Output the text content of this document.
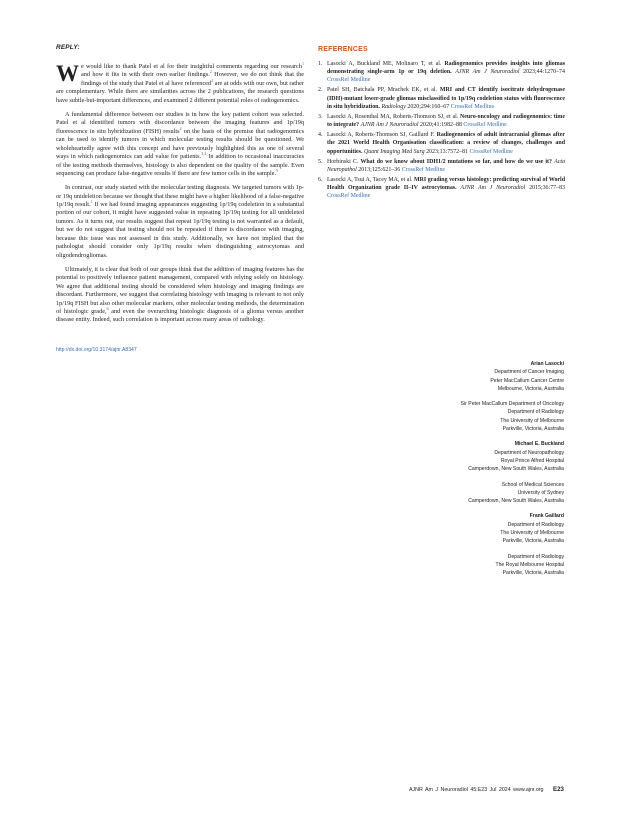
REPLY:

We would like to thank Patel et al for their insightful comments regarding our research$^1$ and how it fits in with their own earlier findings.$^2$ However, we do not think that the findings of the study that Patel et al have referenced$^2$ are at odds with our own, but rather are complementary. While there are similarities across the 2 publications, the research questions have subtle-but-important differences, and examined 2 different potential roles of radiogenomics.

A fundamental difference between our studies is in how the key patient cohort was selected. Patel et al identified tumors with discordance between the imaging features and 1p/19q fluorescence in situ hybridization (FISH) results$^2$ on the basis of the premise that radiogenomics can be used to identify tumors in which molecular testing results should be questioned. We wholeheartedly agree with this concept and have previously highlighted this as one of several ways in which radiogenomics can add value for patients.$^{3,4}$ In addition to occasional inaccuracies of the testing methods themselves, histology is also dependent on the quality of the sample. Even sequencing can produce false-negative results if there are few tumor cells in the sample.$^5$

In contrast, our study started with the molecular testing diagnosis. We targeted tumors with 1p- or 19q unideletion because we thought that these might have a higher likelihood of a false-negative 1p/19q result.$^1$ If we had found imaging appearances suggesting 1p/19q codeletion in a substantial portion of our cohort, it might have suggested value in repeating 1p/19q testing for all unideleted tumors. As it turns out, our results suggest that repeat 1p/19q testing is not warranted as a default, but we do not suggest that testing should not be repeated if there is discordance with imaging, because this issue was not assessed in this study. Additionally, we have not implied that the pathologist should consider only 1p/19q results when distinguishing astrocytomas and oligodendrogliomas.

Ultimately, it is clear that both of our groups think that the addition of imaging features has the potential to positively influence patient management, compared with relying solely on histology. We agree that additional testing should be considered when histology and imaging findings are discordant. Furthermore, we suggest that correlating histology with imaging is relevant to not only 1p/19q FISH but also other molecular markers, other molecular testing methods, the determination of histologic grade,$^6$ and even the overarching histologic diagnosis of a glioma versus another disease entity. Indeed, such correlation is important across many areas of radiology.

http://dx.doi.org/10.3174/ajnr.A8347
REFERENCES
1. Lasocki A, Buckland ME, Molinaro T, et al. Radiogenomics provides insights into gliomas demonstrating single-arm 1p or 19q deletion. AJNR Am J Neuroradiol 2023;44:1270–74 CrossRef Medline
2. Patel SH, Batchala PP, Mrachek EK, et al. MRI and CT identify isocitrate dehydrogenase (IDH)-mutant lower-grade gliomas misclassified to 1p/19q codeletion status with fluorescence in situ hybridization. Radiology 2020;294:160–67 CrossRef Medline
3. Lasocki A, Rosenthal MA, Roberts-Thomson SJ, et al. Neuro-oncology and radiogenomics: time to integrate? AJNR Am J Neuroradiol 2020;41:1982–88 CrossRef Medline
4. Lasocki A, Roberts-Thomson SJ, Gaillard F. Radiogenomics of adult intracranial gliomas after the 2021 World Health Organisation classification: a review of changes, challenges and opportunities. Quant Imaging Med Surg 2023;13:7572–81 CrossRef Medline
5. Horbinski C. What do we know about IDH1/2 mutations so far, and how do we use it? Acta Neuropathol 2013;125:621–36 CrossRef Medline
6. Lasocki A, Tsui A, Tacey MA, et al. MRI grading versus histology: predicting survival of World Health Organization grade II–IV astrocytomas. AJNR Am J Neuroradiol 2015;36:77–83 CrossRef Medline
Arian Lasocki
Department of Cancer Imaging
Peter MacCallum Cancer Centre
Melbourne, Victoria, Australia
Sir Peter MacCallum Department of Oncology
Department of Radiology
The University of Melbourne
Parkville, Victoria, Australia
Michael E. Buckland
Department of Neuropathology
Royal Prince Alfred Hospital
Camperdown, New South Wales, Australia
School of Medical Sciences
University of Sydney
Camperdown, New South Wales, Australia
Frank Gaillard
Department of Radiology
The University of Melbourne
Parkville, Victoria, Australia
Department of Radiology
The Royal Melbourne Hospital
Parkville, Victoria, Australia
AJNR Am J Neuroradiol 45:E23 Jul 2024 www.ajnr.org E23
